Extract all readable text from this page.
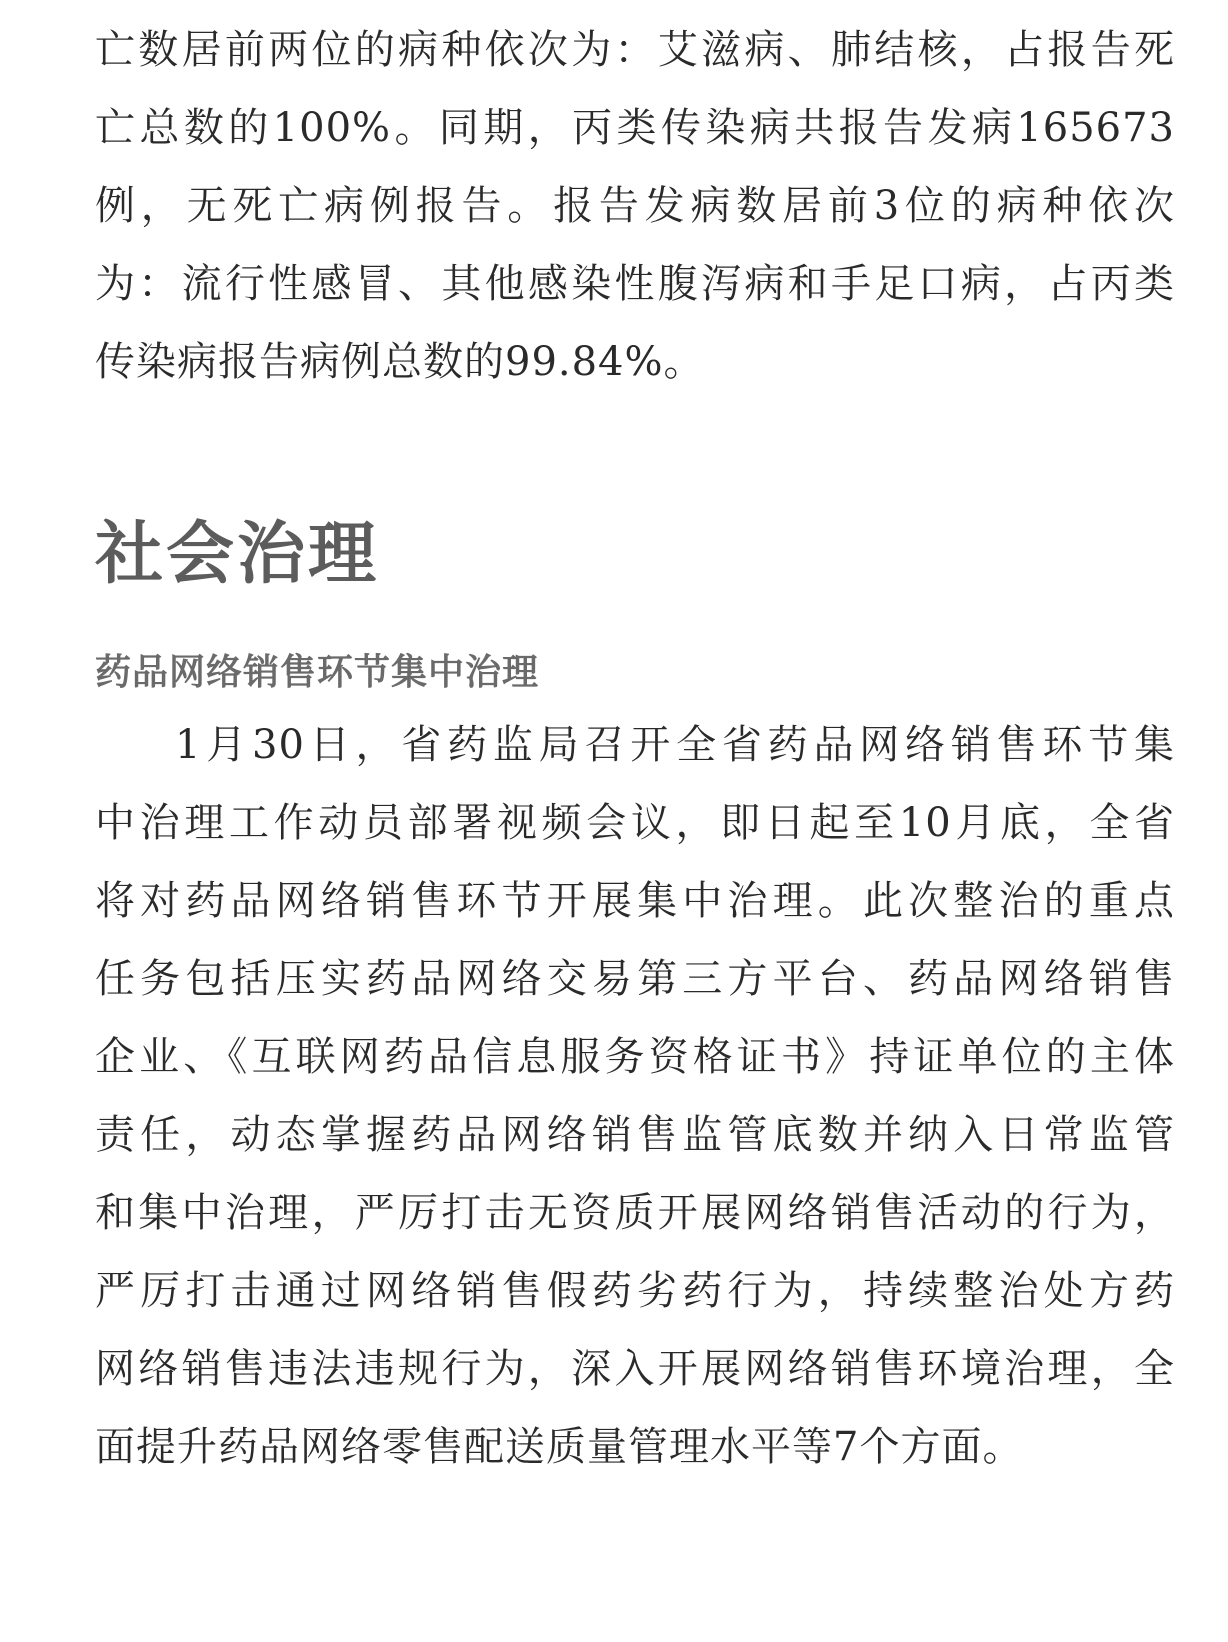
亡数居前两位的病种依次为：艾滋病、肺结核，占报告死
亡总数的100%。同期，丙类传染病共报告发病165673
例，无死亡病例报告。报告发病数居前3位的病种依次
为：流行性感冒、其他感染性腹泻病和手足口病，占丙类
传染病报告病例总数的99.84%。
社会治理
药品网络销售环节集中治理
1月30日，省药监局召开全省药品网络销售环节集
中治理工作动员部署视频会议，即日起至10月底，全省
将对药品网络销售环节开展集中治理。此次整治的重点
任务包括压实药品网络交易第三方平台、药品网络销售
企业、《互联网药品信息服务资格证书》持证单位的主体
责任，动态掌握药品网络销售监管底数并纳入日常监管
和集中治理，严厉打击无资质开展网络销售活动的行为，
严厉打击通过网络销售假药劣药行为，持续整治处方药
网络销售违法违规行为，深入开展网络销售环境治理，全
面提升药品网络零售配送质量管理水平等7个方面。
